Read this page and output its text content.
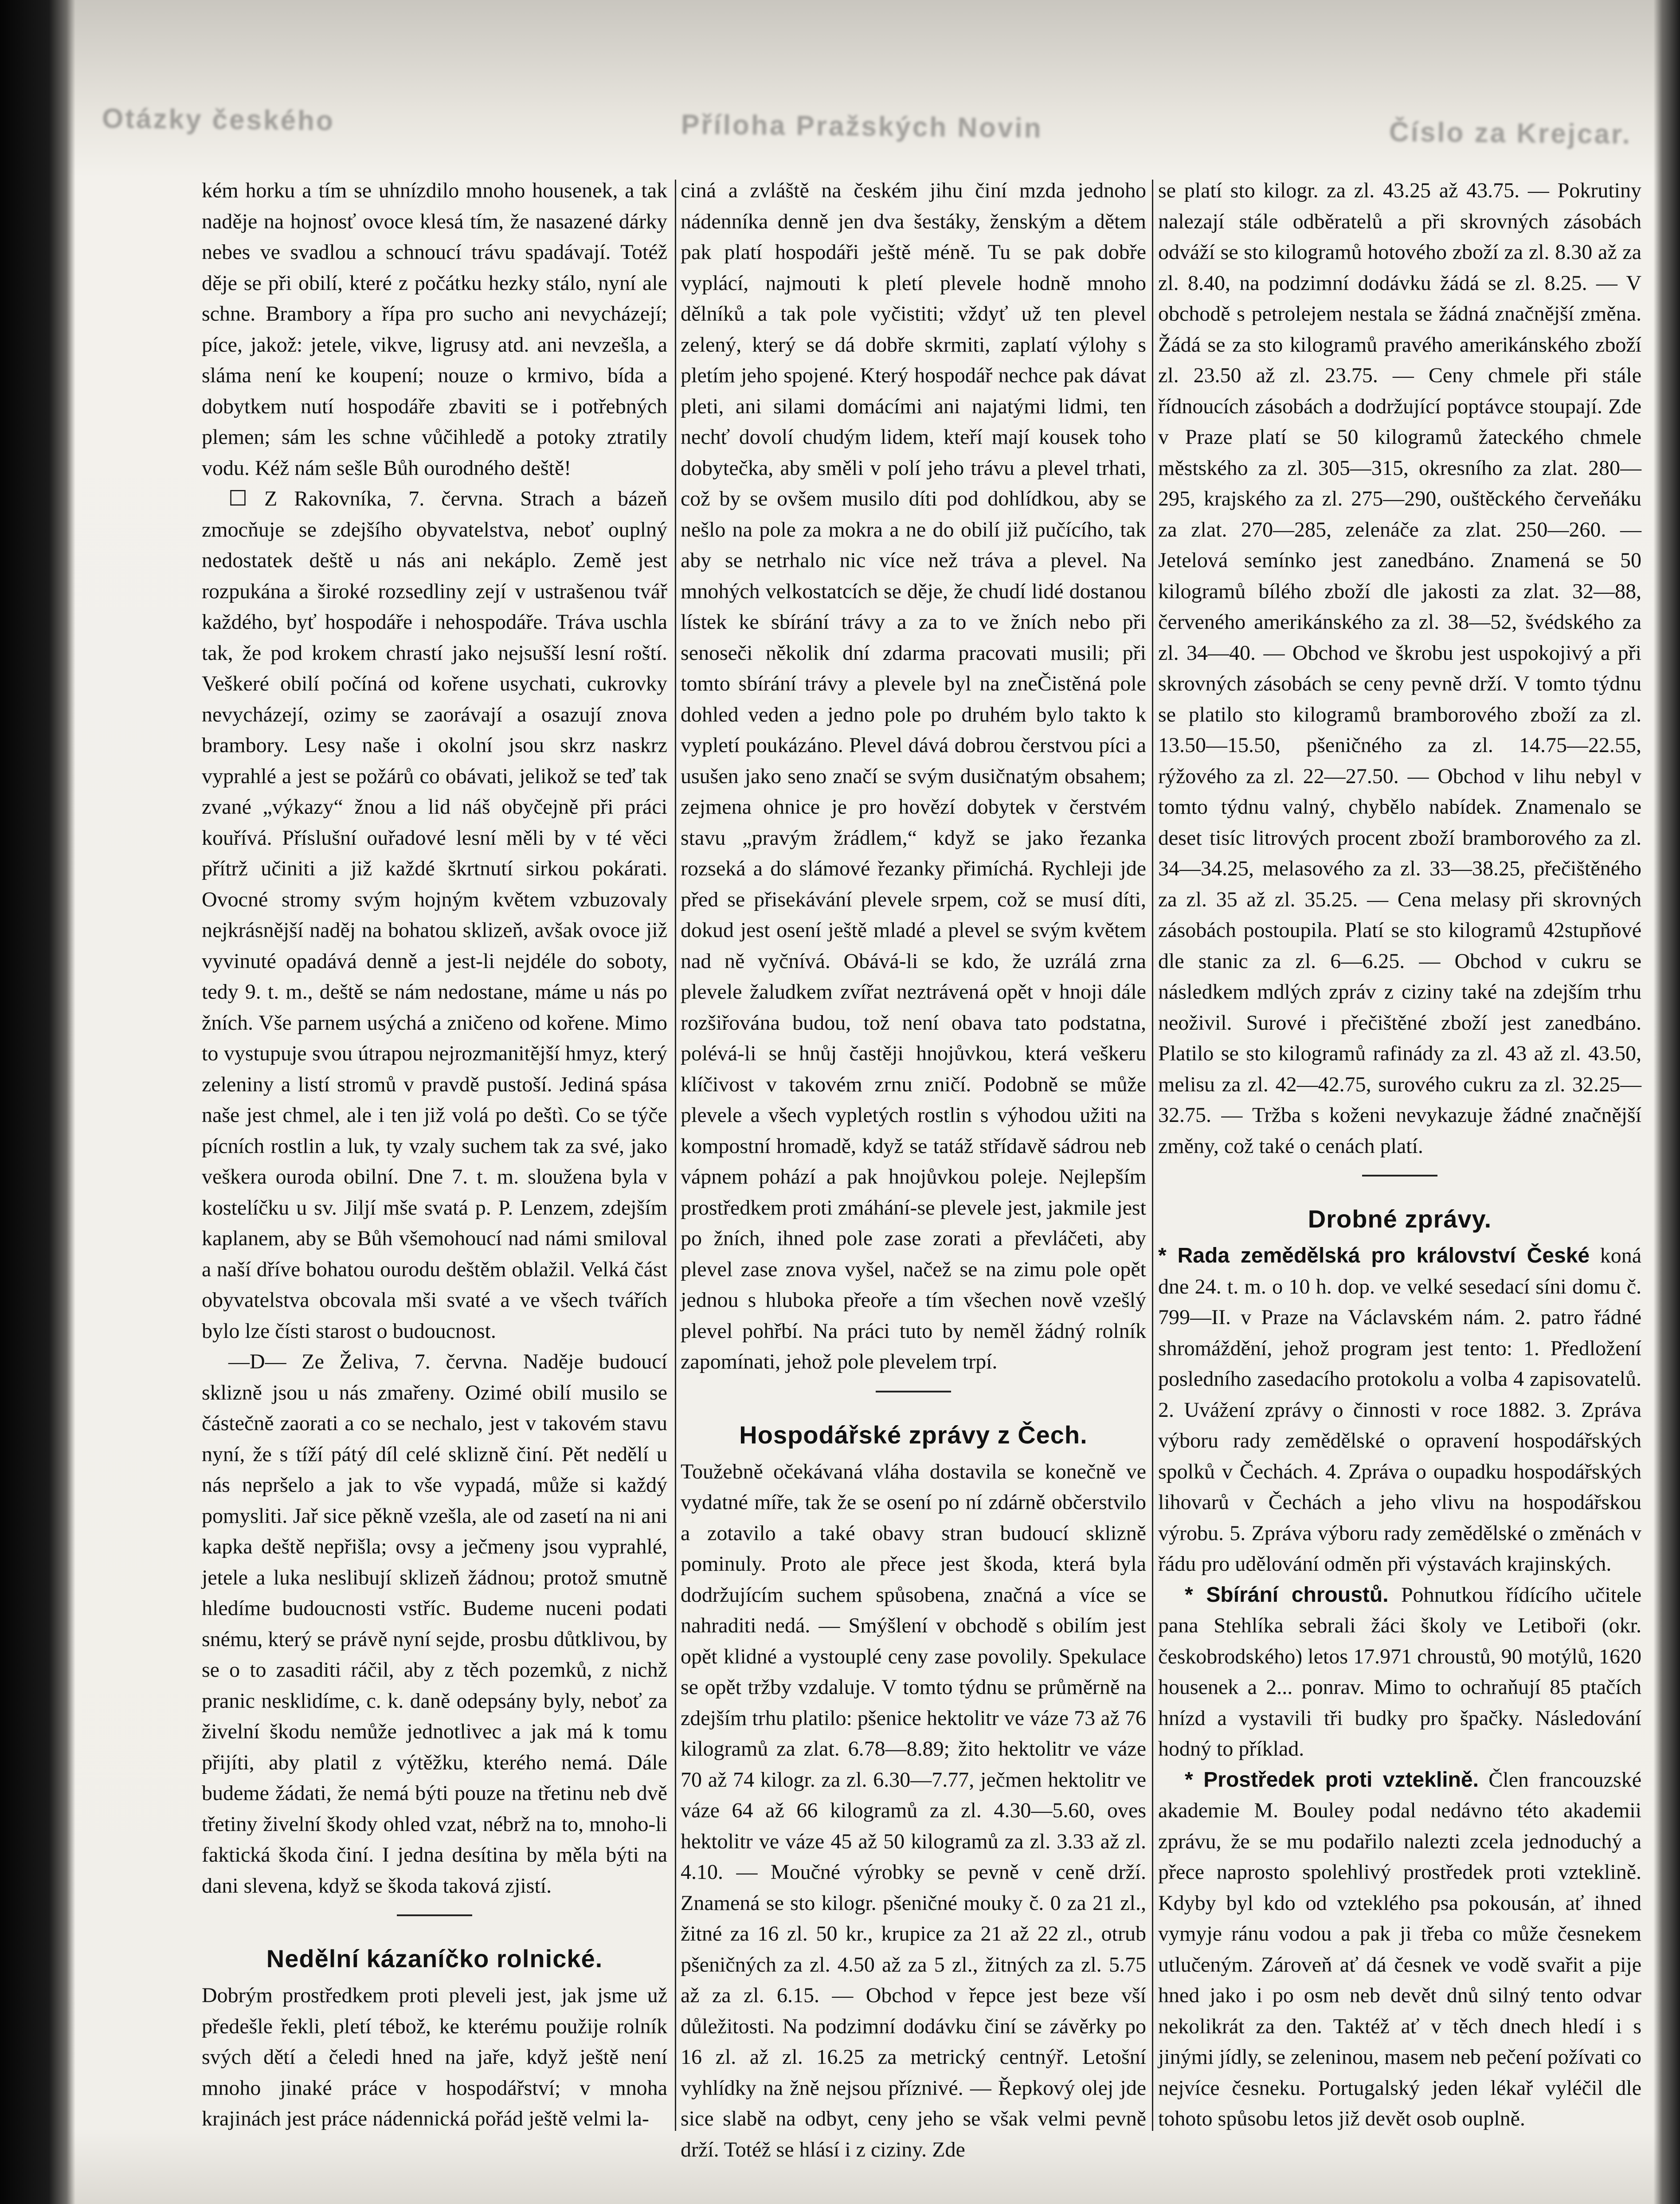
Otázky českého	Příloha Pražských Novin	Číslo za Krejcar.

kém horku a tím se uhnízdilo mnoho housenek, a tak naděje na hojnosť ovoce klesá tím, že nasazené dárky nebes ve svadlou a schnoucí trávu spadávají. Totéž děje se při obilí, které z počátku hezky stálo, nyní ale schne. Brambory a řípa pro sucho ani nevycházejí; píce, jakož: jetele, vikve, ligrusy atd. ani nevzešla, a sláma není ke koupení; nouze o krmivo, bída a dobytkem nutí hospodáře zbaviti se i potřebných plemen; sám les schne vůčihledě a potoky ztratily vodu. Kéž nám sešle Bůh ourodného deště!

☐ Z Rakovníka, 7. června. Strach a bázeň zmocňuje se zdejšího obyvatelstva, neboť ouplný nedostatek deště u nás ani nekáplo. Země jest rozpukána a široké rozsedliny zejí v ustrašenou tvář každého, byť hospodáře i nehospodáře. Tráva uschla tak, že pod krokem chrastí jako nejsušší lesní roští. Veškeré obilí počíná od kořene usychati, cukrovky nevycházejí, ozimy se zaorávají a osazují znova brambory. Lesy naše i okolní jsou skrz naskrz vyprahlé a jest se požárů co obávati, jelikož se teď tak zvané „výkazy“ žnou a lid náš obyčejně při práci kouřívá. Příslušní ouřadové lesní měli by v té věci přítrž učiniti a již každé škrtnutí sirkou pokárati. Ovocné stromy svým hojným květem vzbuzovaly nejkrásnější naděj na bohatou sklizeň, avšak ovoce již vyvinuté opadává denně a jest-li nejdéle do soboty, tedy 9. t. m., deště se nám nedostane, máme u nás po žních. Vše parnem usýchá a zničeno od kořene. Mimo to vystupuje svou útrapou nejrozmanitější hmyz, který zeleniny a listí stromů v pravdě pustoší. Jediná spása naše jest chmel, ale i ten již volá po deštì. Co se týče pícních rostlin a luk, ty vzaly suchem tak za své, jako veškera ouroda obilní. Dne 7. t. m. sloužena byla v kostelíčku u sv. Jiljí mše svatá p. P. Lenzem, zdejším kaplanem, aby se Bůh všemohoucí nad námi smiloval a naší dříve bohatou ourodu deštěm oblažil. Velká část obyvatelstva obcovala mši svaté a ve všech tvářích bylo lze čísti starost o budoucnost.

—D— Ze Želiva, 7. června. Naděje budoucí sklizně jsou u nás zmařeny. Ozimé obilí musilo se částečně zaorati a co se nechalo, jest v takovém stavu nyní, že s tíží pátý díl celé sklizně činí. Pět nedělí u nás nepršelo a jak to vše vypadá, může si každý pomysliti. Jař sice pěkně vzešla, ale od zasetí na ni ani kapka deště nepřišla; ovsy a ječmeny jsou vyprahlé, jetele a luka neslibují sklizeň žádnou; protož smutně hledíme budoucnosti vstříc. Budeme nuceni podati snému, který se právě nyní sejde, prosbu důtklivou, by se o to zasaditi ráčil, aby z těch pozemků, z nichž pranic nesklidíme, c. k. daně odepsány byly, neboť za živelní škodu nemůže jednotlivec a jak má k tomu přijíti, aby platil z výtěžku, kterého nemá. Dále budeme žádati, že nemá býti pouze na třetinu neb dvě třetiny živelní škody ohled vzat, nébrž na to, mnoho-li faktická škoda činí. I jedna desítina by měla býti na dani slevena, když se škoda taková zjistí.

Nedělní kázaníčko rolnické.

Dobrým prostředkem proti pleveli jest, jak jsme už předešle řekli, pletí tébož, ke kterému použije rolník svých dětí a čeledi hned na jaře, když ještě není mnoho jinaké práce v hospodářství; v mnoha krajinách jest práce nádennická pořád ještě velmi la-

ciná a zvláště na českém jihu činí mzda jednoho nádenníka denně jen dva šestáky, ženským a dětem pak platí hospodáři ještě méně. Tu se pak dobře vyplácí, najmouti k pletí plevele hodně mnoho dělníků a tak pole vyčistiti; vždyť už ten plevel zelený, který se dá dobře skrmiti, zaplatí výlohy s pletím jeho spojené. Který hospodář nechce pak dávat pleti, ani silami domácími ani najatými lidmi, ten nechť dovolí chudým lidem, kteří mají kousek toho dobytečka, aby směli v polí jeho trávu a plevel trhati, což by se ovšem musilo díti pod dohlídkou, aby se nešlo na pole za mokra a ne do obilí již pučícího, tak aby se netrhalo nic více než tráva a plevel. Na mnohých velkostatcích se děje, že chudí lidé dostanou lístek ke sbírání trávy a za to ve žních nebo při senoseči několik dní zdarma pracovati musili; při tomto sbírání trávy a plevele byl na zneČistěná pole dohled veden a jedno pole po druhém bylo takto k vypletí poukázáno. Plevel dává dobrou čerstvou píci a usušen jako seno značí se svým dusičnatým obsahem; zejmena ohnice je pro hovězí dobytek v čerstvém stavu „pravým žrádlem,“ když se jako řezanka rozseká a do slámové řezanky přimíchá. Rychleji jde před se přisekávání plevele srpem, což se musí díti, dokud jest osení ještě mladé a plevel se svým květem nad ně vyčnívá. Obává-li se kdo, že uzrálá zrna plevele žaludkem zvířat neztrávená opět v hnoji dále rozšiřována budou, tož není obava tato podstatna, polévá-li se hnůj častěji hnojůvkou, která veškeru klíčivost v takovém zrnu zničí. Podobně se může plevele a všech vypletých rostlin s výhodou užiti na kompostní hromadě, když se tatáž střídavě sádrou neb vápnem pohází a pak hnojůvkou poleje. Nejlepším prostředkem proti zmáhání-se plevele jest, jakmile jest po žních, ihned pole zase zorati a převláčeti, aby plevel zase znova vyšel, načež se na zimu pole opět jednou s hluboka přeoře a tím všechen nově vzešlý plevel pohřbí. Na práci tuto by neměl žádný rolník zapomínati, jehož pole plevelem trpí.

Hospodářské zprávy z Čech.

Toužebně očekávaná vláha dostavila se konečně ve vydatné míře, tak že se osení po ní zdárně občerstvilo a zotavilo a také obavy stran budoucí sklizně pominuly. Proto ale přece jest škoda, která byla dodržujícím suchem spůsobena, značná a více se nahraditi nedá. — Smýšlení v obchodě s obilím jest opět klidné a vystouplé ceny zase povolily. Spekulace se opět tržby vzdaluje. V tomto týdnu se průměrně na zdejším trhu platilo: pšenice hektolitr ve váze 73 až 76 kilogramů za zlat. 6.78—8.89; žito hektolitr ve váze 70 až 74 kilogr. za zl. 6.30—7.77, ječmen hektolitr ve váze 64 až 66 kilogramů za zl. 4.30—5.60, oves hektolitr ve váze 45 až 50 kilogramů za zl. 3.33 až zl. 4.10. — Moučné výrobky se pevně v ceně drží. Znamená se sto kilogr. pšeničné mouky č. 0 za 21 zl., žitné za 16 zl. 50 kr., krupice za 21 až 22 zl., otrub pšeničných za zl. 4.50 až za 5 zl., žitných za zl. 5.75 až za zl. 6.15. — Obchod v řepce jest beze vší důležitosti. Na podzimní dodávku činí se závěrky po 16 zl. až zl. 16.25 za metrický centnýř. Letošní vyhlídky na žně nejsou příznivé. — Řepkový olej jde sice slabě na odbyt, ceny jeho se však velmi pevně drží. Totéž se hlásí i z ciziny. Zde

se platí sto kilogr. za zl. 43.25 až 43.75. — Pokrutiny nalezají stále odběratelů a při skrovných zásobách odváží se sto kilogramů hotového zboží za zl. 8.30 až za zl. 8.40, na podzimní dodávku žádá se zl. 8.25. — V obchodě s petrolejem nestala se žádná značnější změna. Žádá se za sto kilogramů pravého amerikánského zboží zl. 23.50 až zl. 23.75. — Ceny chmele při stále řídnoucích zásobách a dodržující poptávce stoupají. Zde v Praze platí se 50 kilogramů žateckého chmele městského za zl. 305—315, okresního za zlat. 280—295, krajského za zl. 275—290, ouštěckého červeňáku za zlat. 270—285, zelenáče za zlat. 250—260. — Jetelová semínko jest zanedbáno. Znamená se 50 kilogramů bílého zboží dle jakosti za zlat. 32—88, červeného amerikánského za zl. 38—52, švédského za zl. 34—40. — Obchod ve škrobu jest uspokojivý a při skrovných zásobách se ceny pevně drží. V tomto týdnu se platilo sto kilogramů bramborového zboží za zl. 13.50—15.50, pšeničného za zl. 14.75—22.55, rýžového za zl. 22—27.50. — Obchod v lihu nebyl v tomto týdnu valný, chybělo nabídek. Znamenalo se deset tisíc litrových procent zboží bramborového za zl. 34—34.25, melasového za zl. 33—38.25, přečištěného za zl. 35 až zl. 35.25. — Cena melasy při skrovných zásobách postoupila. Platí se sto kilogramů 42stupňové dle stanic za zl. 6—6.25. — Obchod v cukru se následkem mdlých zpráv z ciziny také na zdejším trhu neoživil. Surové i přečištěné zboží jest zanedbáno. Platilo se sto kilogramů rafinády za zl. 43 až zl. 43.50, melisu za zl. 42—42.75, surového cukru za zl. 32.25—32.75. — Tržba s koženi nevykazuje žádné značnější změny, což také o cenách platí.

Drobné zprávy.

* Rada zemědělská pro království České koná dne 24. t. m. o 10 h. dop. ve velké sesedací síni domu č. 799—II. v Praze na Václavském nám. 2. patro řádné shromáždění, jehož program jest tento: 1. Předložení posledního zasedacího protokolu a volba 4 zapisovatelů. 2. Uvážení zprávy o činnosti v roce 1882. 3. Zpráva výboru rady zemědělské o opravení hospodářských spolků v Čechách. 4. Zpráva o oupadku hospodářských lihovarů v Čechách a jeho vlivu na hospodářskou výrobu. 5. Zpráva výboru rady zemědělské o změnách v řádu pro udělování odměn při výstavách krajinských.

* Sbírání chroustů. Pohnutkou řídícího učitele pana Stehlíka sebrali žáci školy ve Letiboři (okr. českobrodského) letos 17.971 chroustů, 90 motýlů, 1620 housenek a 2... ponrav. Mimo to ochraňují 85 ptačích hnízd a vystavili tři budky pro špačky. Následování hodný to příklad.

* Prostředek proti vzteklině. Člen francouzské akademie M. Bouley podal nedávno této akademii zprávu, že se mu podařilo nalezti zcela jednoduchý a přece naprosto spolehlivý prostředek proti vzteklině. Kdyby byl kdo od vzteklého psa pokousán, ať ihned vymyje ránu vodou a pak ji třeba co může česnekem utlučeným. Zároveň ať dá česnek ve vodě svařit a pije hned jako i po osm neb devět dnů silný tento odvar nekolikrát za den. Taktéž ať v těch dnech hledí i s jinými jídly, se zeleninou, masem neb pečení požívati co nejvíce česneku. Portugalský jeden lékař vyléčil dle tohoto spůsobu letos již devět osob ouplně.
